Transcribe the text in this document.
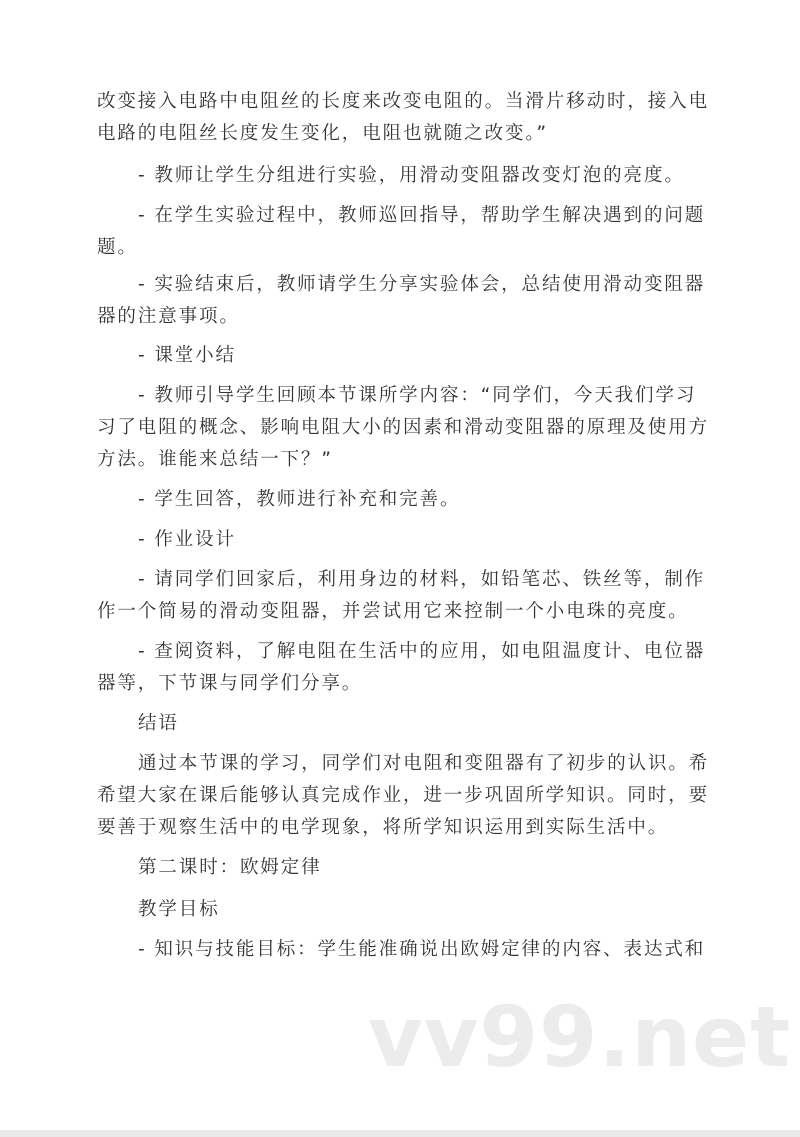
改变接入电路中电阻丝的长度来改变电阻的。当滑片移动时，接入电
电路的电阻丝长度发生变化，电阻也就随之改变。”
- 教师让学生分组进行实验，用滑动变阻器改变灯泡的亮度。
- 在学生实验过程中，教师巡回指导，帮助学生解决遇到的问题
题。
- 实验结束后，教师请学生分享实验体会，总结使用滑动变阻器
器的注意事项。
- 课堂小结
- 教师引导学生回顾本节课所学内容：“同学们，今天我们学习
习了电阻的概念、影响电阻大小的因素和滑动变阻器的原理及使用方
方法。谁能来总结一下？”
- 学生回答，教师进行补充和完善。
- 作业设计
- 请同学们回家后，利用身边的材料，如铅笔芯、铁丝等，制作
作一个简易的滑动变阻器，并尝试用它来控制一个小电珠的亮度。
- 查阅资料，了解电阻在生活中的应用，如电阻温度计、电位器
器等，下节课与同学们分享。
结语
通过本节课的学习，同学们对电阻和变阻器有了初步的认识。希
希望大家在课后能够认真完成作业，进一步巩固所学知识。同时，要
要善于观察生活中的电学现象，将所学知识运用到实际生活中。
第二课时：欧姆定律
教学目标
- 知识与技能目标：学生能准确说出欧姆定律的内容、表达式和
vv99.net
